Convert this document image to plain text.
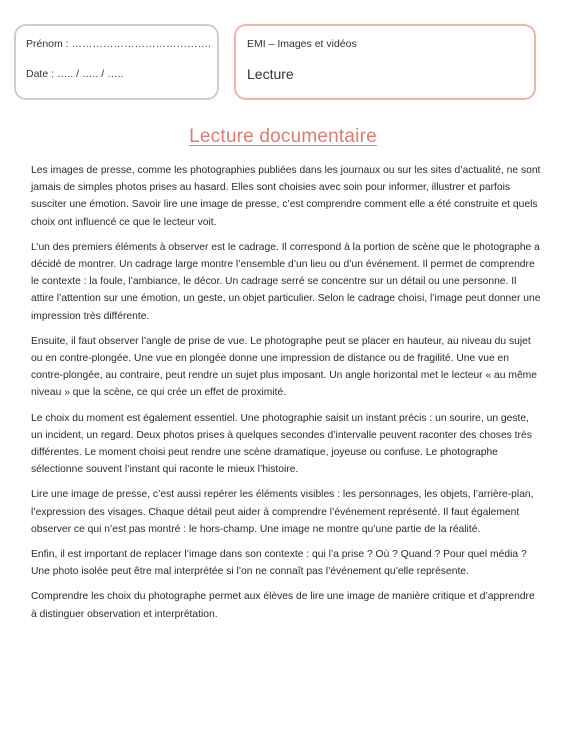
Prénom : ………………………………….
Date : ….. / ….. / …..
EMI – Images et vidéos
Lecture
Lecture documentaire

Les images de presse, comme les photographies publiées dans les journaux ou sur les sites d’actualité, ne sont jamais de simples photos prises au hasard. Elles sont choisies avec soin pour informer, illustrer et parfois susciter une émotion. Savoir lire une image de presse, c’est comprendre comment elle a été construite et quels choix ont influencé ce que le lecteur voit.

L’un des premiers éléments à observer est le cadrage. Il correspond à la portion de scène que le photographe a décidé de montrer. Un cadrage large montre l’ensemble d’un lieu ou d’un événement. Il permet de comprendre le contexte : la foule, l’ambiance, le décor. Un cadrage serré se concentre sur un détail ou une personne. Il attire l’attention sur une émotion, un geste, un objet particulier. Selon le cadrage choisi, l’image peut donner une impression très différente.

Ensuite, il faut observer l’angle de prise de vue. Le photographe peut se placer en hauteur, au niveau du sujet ou en contre-plongée. Une vue en plongée donne une impression de distance ou de fragilité. Une vue en contre-plongée, au contraire, peut rendre un sujet plus imposant. Un angle horizontal met le lecteur « au même niveau » que la scène, ce qui crée un effet de proximité.

Le choix du moment est également essentiel. Une photographie saisit un instant précis : un sourire, un geste, un incident, un regard. Deux photos prises à quelques secondes d’intervalle peuvent raconter des choses très différentes. Le moment choisi peut rendre une scène dramatique, joyeuse ou confuse. Le photographe sélectionne souvent l’instant qui raconte le mieux l’histoire.

Lire une image de presse, c’est aussi repérer les éléments visibles : les personnages, les objets, l’arrière-plan, l’expression des visages. Chaque détail peut aider à comprendre l’événement représenté. Il faut également observer ce qui n’est pas montré : le hors-champ. Une image ne montre qu’une partie de la réalité.

Enfin, il est important de replacer l’image dans son contexte : qui l’a prise ? Où ? Quand ? Pour quel média ? Une photo isolée peut être mal interprétée si l’on ne connaît pas l’événement qu’elle représente.

Comprendre les choix du photographe permet aux élèves de lire une image de manière critique et d’apprendre à distinguer observation et interprétation.
